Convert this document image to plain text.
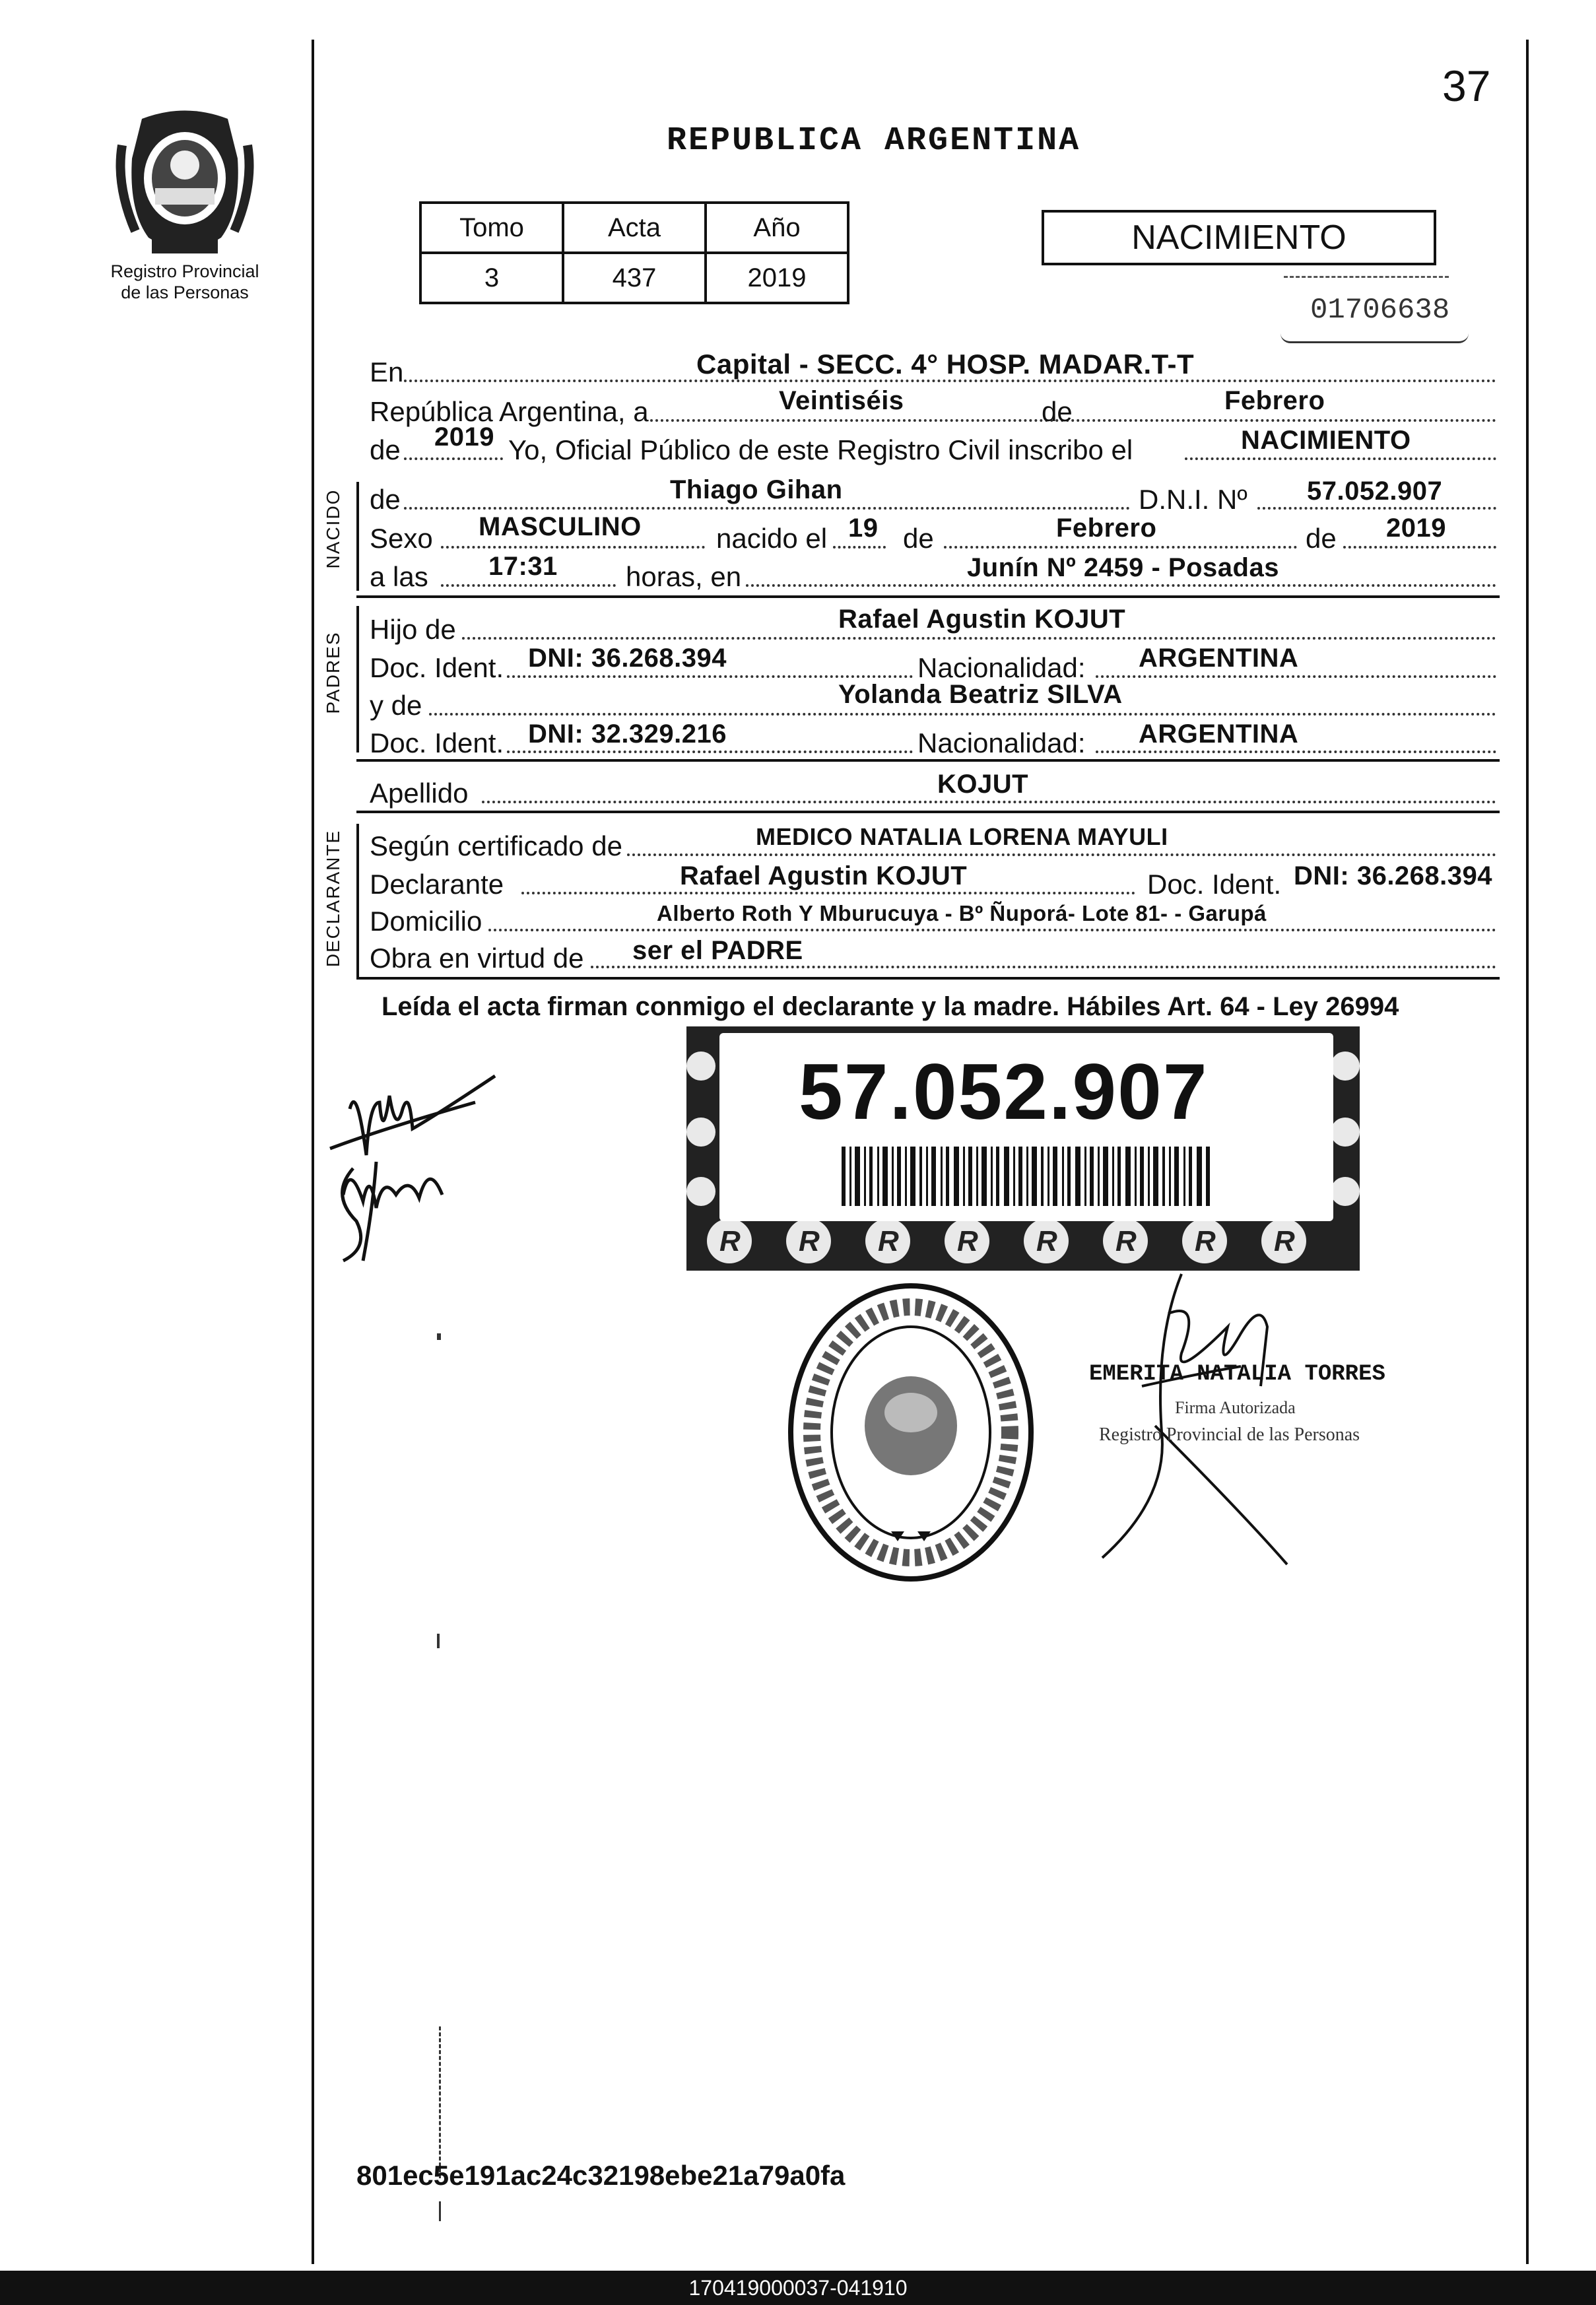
37
Registro Provincial
de las Personas
REPUBLICA ARGENTINA
Tomo	Acta	Año
3	437	2019
NACIMIENTO
01706638
En	Capital - SECC. 4° HOSP. MADAR.T-T
República Argentina, a	Veintiséis	de	Febrero
de 2019 Yo, Oficial Público de este Registro Civil inscribo el	NACIMIENTO
NACIDO de	Thiago Gihan	D.N.I. Nº 57.052.907
Sexo MASCULINO	nacido el 19 de	Febrero	de 2019
a las 17:31 horas, en	Junín Nº 2459 - Posadas
PADRES
Hijo de	Rafael Agustin KOJUT
Doc. Ident. DNI: 36.268.394	Nacionalidad: ARGENTINA
y de	Yolanda Beatriz SILVA
Doc. Ident. DNI: 32.329.216	Nacionalidad: ARGENTINA
Apellido	KOJUT
DECLARANTE Según certificado de	MEDICO NATALIA LORENA MAYULI
Declarante	Rafael Agustin KOJUT	Doc. Ident. DNI: 36.268.394
Domicilio	Alberto Roth Y Mburucuya - Bº Ñuporá- Lote 81- - Garupá
Obra en virtud de ser el PADRE
Leída el acta firman conmigo el declarante y la madre. Hábiles Art. 64 - Ley 26994
R R R R R R R R
57.052.907
EMERITA NATALIA TORRES
Firma Autorizada
Registro Provincial de las Personas
801ec5e191ac24c32198ebe21a79a0fa
170419000037-041910
